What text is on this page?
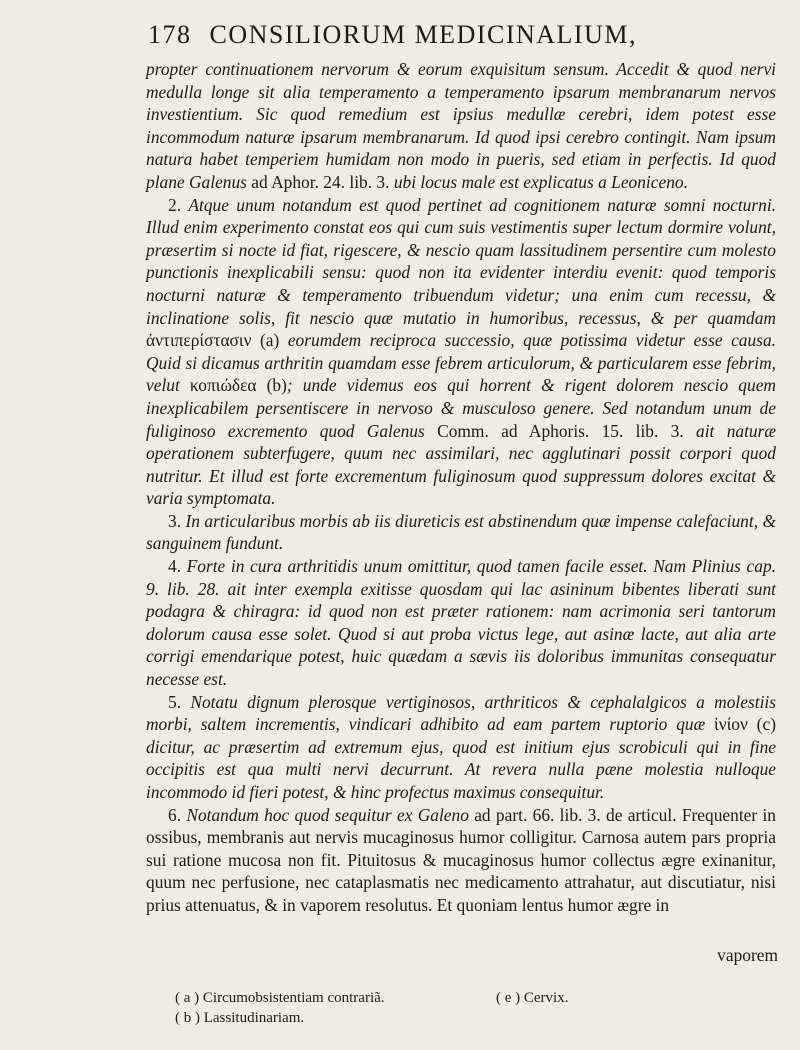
178 CONSILIORUM MEDICINALIUM,

propter continuationem nervorum & eorum exquisitum sensum. Accedit & quod nervi medulla longe sit alia temperamento a temperamento ipsarum membranarum nervos investientium. Sic quod remedium est ipsius medullæ cerebri, idem potest esse incommodum naturæ ipsarum membranarum. Id quod ipsi cerebro contingit. Nam ipsum natura habet temperiem humidam non modo in pueris, sed etiam in perfectis. Id quod plane Galenus ad Aphor. 24. lib. 3. ubi locus male est explicatus a Leoniceno.

2. Atque unum notandum est quod pertinet ad cognitionem naturæ somni nocturni. Illud enim experimento constat eos qui cum suis vestimentis super lectum dormire volunt, præsertim si nocte id fiat, rigescere, & nescio quam lassitudinem persentire cum molesto punctionis inexplicabili sensu: quod non ita evidenter interdiu evenit: quod temporis nocturni naturæ & temperamento tribuendum videtur; una enim cum recessu, & inclinatione solis, fit nescio quæ mutatio in humoribus, recessus, & per quamdam ἀντιπερίστασιν (a) eorumdem reciproca successio, quæ potissima videtur esse causa. Quid si dicamus arthritin quamdam esse febrem articulorum, & particularem esse febrim, velut κοπιώδεα (b); unde videmus eos qui horrent & rigent dolorem nescio quem inexplicabilem persentiscere in nervoso & musculoso genere. Sed notandum unum de fuliginoso excremento quod Galenus Comm. ad Aphoris. 15. lib. 3. ait naturæ operationem subterfugere, quum nec assimilari, nec agglutinari possit corpori quod nutritur. Et illud est forte excrementum fuliginosum quod suppressum dolores excitat & varia symptomata.

3. In articularibus morbis ab iis diureticis est abstinendum quæ impense calefaciunt, & sanguinem fundunt.

4. Forte in cura arthritidis unum omittitur, quod tamen facile esset. Nam Plinius cap. 9. lib. 28. ait inter exempla exitisse quosdam qui lac asininum bibentes liberati sunt podagra & chiragra: id quod non est præter rationem: nam acrimonia seri tantorum dolorum causa esse solet. Quod si aut proba victus lege, aut asinæ lacte, aut alia arte corrigi emendarique potest, huic quædam a sævis iis doloribus immunitas consequatur necesse est.

5. Notatu dignum plerosque vertiginosos, arthriticos & cephalalgicos a molestiis morbi, saltem incrementis, vindicari adhibito ad eam partem ruptorio quæ ἰνίον (c) dicitur, ac præsertim ad extremum ejus, quod est initium ejus scrobiculi qui in fine occipitis est qua multi nervi decurrunt. At revera nulla pæne molestia nulloque incommodo id fieri potest, & hinc profectus maximus consequitur.

6. Notandum hoc quod sequitur ex Galeno ad part. 66. lib. 3. de articul. Frequenter in ossibus, membranis aut nervis mucaginosus humor colligitur. Carnosa autem pars propria sui ratione mucosa non fit. Pituitosus & mucaginosus humor collectus ægre exinanitur, quum nec perfusione, nec cataplasmatis nec medicamento attrahatur, aut discutiatur, nisi prius attenuatus, & in vaporem resolutus. Et quoniam lentus humor ægre in

vaporem
( a ) Circumobsistentiam contrariã.
( b ) Lassitudinariam.
( e ) Cervix.
